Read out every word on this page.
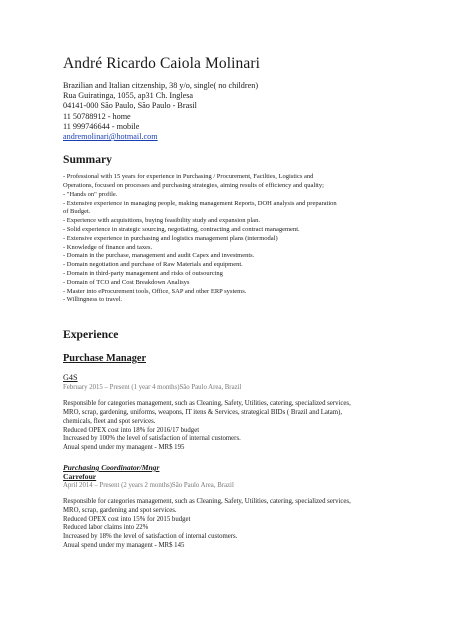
André Ricardo Caiola Molinari
Brazilian and Italian citzenship, 38 y/o, single( no children)
Rua Guiratinga, 1055, ap31 Ch. Inglesa
04141-000 São Paulo, São Paulo - Brasil
11 50788912 - home
11 999746644 - mobile
andremolinari@hotmail.com
Summary
- Professional with 15 years for experience in Purchasing / Procurement, Facilties, Logistics and
Operations, focused on processes and purchasing strategies, aiming results of efficiency and quality;
- "Hands on" profile.
- Extensive experience in managing people, making management Reports, DOH analysis and preparation
of Budget.
- Experience with acquisitions, buying feasibility study and expansion plan.
- Solid experience in strategic sourcing, negotiating, contracting and contract management.
- Extensive experience in purchasing and logistics management plans (intermodal)
- Knowledge of finance and taxes.
- Domain in the purchase, management and audit Capex and investments.
- Domain negotiation and purchase of Raw Materials and equipment.
- Domain in third-party management and risks of outsourcing
- Domain of TCO and Cost Breakdown Analisys
- Master into eProcurement tools, Office, SAP and other ERP systems.
- Willingness to travel.
Experience
Purchase Manager
G4S
February 2015 – Present (1 year 4 months)São Paulo Area, Brazil
Responsible for categories management, such as Cleaning, Safety, Utilities, catering, specialized services,
MRO, scrap, gardening, uniforms, weapons, IT itens & Services, strategical BIDs ( Brazil and Latam),
chemicals, fleet and spot services.
Reduced OPEX cost into 18% for 2016/17 budget
Increased by 100% the level of satisfaction of internal customers.
Anual spend under my managent - MR$ 195
Purchasing Coordinator/Mngr
Carrefour
April 2014 – Present (2 years 2 months)São Paulo Area, Brazil
Responsible for categories management, such as Cleaning, Safety, Utilities, catering, specialized services,
MRO, scrap, gardening and spot services.
Reduced OPEX cost into 15% for 2015 budget
Reduced labor claims into 22%
Increased by 18% the level of satisfaction of internal customers.
Anual spend under my managent - MR$ 145
